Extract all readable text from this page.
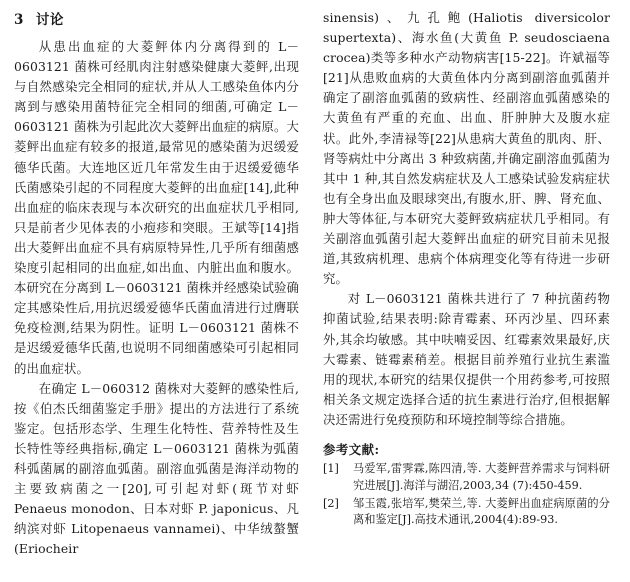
3 讨论

从患出血症的大菱鲆体内分离得到的 L－0603121 菌株可经肌肉注射感染健康大菱鲆,出现与自然感染完全相同的症状,并从人工感染鱼体内分离到与感染用菌特征完全相同的细菌,可确定 L－0603121 菌株为引起此次大菱鲆出血症的病原。大菱鲆出血症有较多的报道,最常见的感染菌为迟缓爱德华氏菌。大连地区近几年常发生由于迟缓爱德华氏菌感染引起的不同程度大菱鲆的出血症[14],此种出血症的临床表现与本次研究的出血症状几乎相同,只是前者少见体表的小疱疹和突眼。王斌等[14]指出大菱鲆出血症不具有病原特异性,几乎所有细菌感染度引起相同的出血症,如出血、内脏出血和腹水。本研究在分离到 L－0603121 菌株并经感染试验确定其感染性后,用抗迟缓爱德华氏菌血清进行过膺联免疫检测,结果为阴性。证明 L－0603121 菌株不是迟缓爱德华氏菌,也说明不同细菌感染可引起相同的出血症状。

在确定 L－060312 菌株对大菱鲆的感染性后,按《伯杰氏细菌鉴定手册》提出的方法进行了系统鉴定。包括形态学、生理生化特性、营养特性及生长特性等经典指标,确定 L－0603121 菌株为弧菌科弧菌属的副溶血弧菌。副溶血弧菌是海洋动物的主要致病菌之一[20],可引起对虾(斑节对虾 Penaeus monodon、日本对虾 P. japonicus、凡纳滨对虾 Litopenaeus vannamei)、中华绒螯蟹(Eriocheir

sinensis)、九孔鲍(Haliotis diversicolor supertexta)、海水鱼(大黄鱼 P. seudosciaena crocea)类等多种水产动物病害[15-22]。许斌福等[21]从患败血病的大黄鱼体内分离到副溶血弧菌并确定了副溶血弧菌的致病性、经副溶血弧菌感染的大黄鱼有严重的充血、出血、肝肿肿大及腹水症状。此外,李清禄等[22]从患病大黄鱼的肌肉、肝、肾等病灶中分离出 3 种致病菌,并确定副溶血弧菌为其中 1 种,其自然发病症状及人工感染试验发病症状也有全身出血及眼球突出,有腹水,肝、脾、肾充血、肿大等体征,与本研究大菱鲆致病症状几乎相同。有关副溶血弧菌引起大菱鲆出血症的研究目前未见报道,其致病机理、患病个体病理变化等有待进一步研究。

对 L－0603121 菌株共进行了 7 种抗菌药物抑菌试验,结果表明:除青霉素、环丙沙星、四环素外,其余均敏感。其中呋喃妥因、红霉素效果最好,庆大霉素、链霉素稍差。根据目前养殖行业抗生素滥用的现状,本研究的结果仅提供一个用药参考,可按照相关条文规定选择合适的抗生素进行治疗,但根据解决还需进行免疫预防和环境控制等综合措施。

参考文献:
[1]	马爱军,雷霁霖,陈四清,等. 大菱鲆营养需求与饲料研究进展[J].海洋与湖沼,2003,34 (7):450-459.
[2]	邹玉霞,张培军,樊荣兰,等. 大菱鲆出血症病原菌的分离和鉴定[J].高技术通讯,2004(4):89-93.
